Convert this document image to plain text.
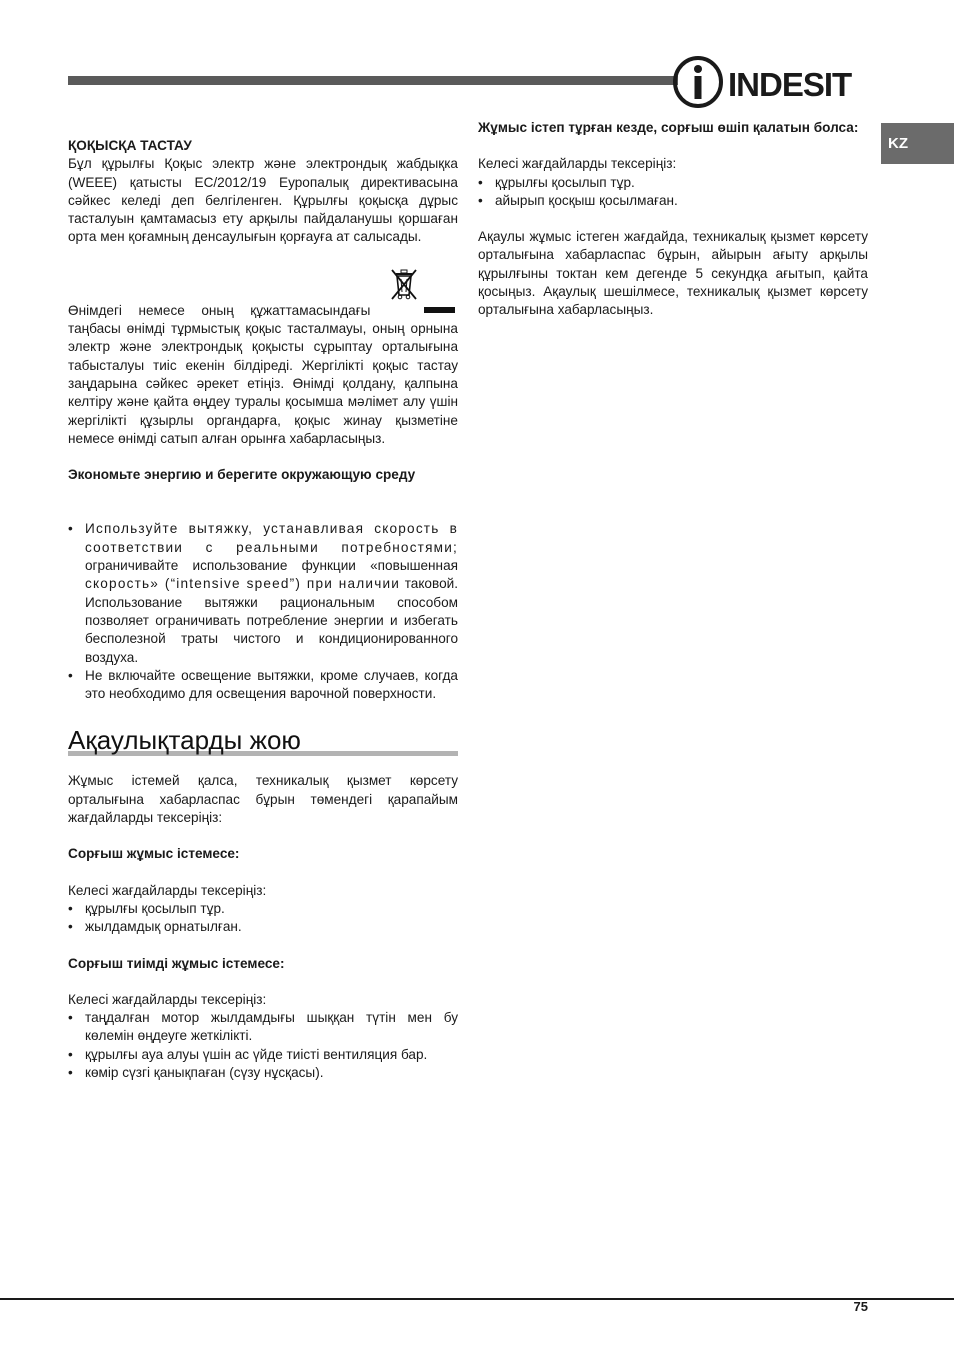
INDESIT
KZ

ҚОҚЫСҚА ТАСТАУ

Бұл құрылғы Қоқыс электр және электрондық жабдықка (WEEE) қатысты ЕС/2012/19 Еуропалық директивасына сәйкес келеді деп белгіленген. Құрылғы қоқысқа дұрыс тасталуын қамтамасыз ету арқылы пайдаланушы қоршаған орта мен қоғамның денсаулығын қорғауға ат салысады.

Өнімдегі немесе оның құжаттамасындағы
таңбасы өнімді тұрмыстық қоқыс тасталмауы, оның орнына электр және электрондық қоқысты сұрыптау орталығына табысталуы тиіс екенін білдіреді. Жергілікті қоқыс тастау заңдарына сәйкес әрекет етіңіз. Өнімді қолдану, қалпына келтіру және қайта өңдеу туралы қосымша мәлімет алу үшін жергілікті құзырлы органдарға, қоқыс жинау қызметіне немесе өнімді сатып алған орынға хабарласыңыз.

Экономьте энергию и берегите окружающую среду

• Используйте вытяжку, устанавливая скорость в соответствии с реальными потребностями; ограничивайте использование функции «повышенная скорость» (“intensive speed”) при наличии таковой. Использование вытяжки рациональным способом позволяет ограничивать потребление энергии и избегать бесполезной траты чистого и кондиционированного воздуха.
• Не включайте освещение вытяжки, кроме случаев, когда это необходимо для освещения варочной поверхности.
Ақаулықтарды жою

Жұмыс істемей қалса, техникалық қызмет көрсету орталығына хабарласпас бұрын төмендегі қарапайым жағдайларды тексеріңіз:

Сорғыш жұмыс істемесе:

Келесі жағдайларды тексеріңіз:

• құрылғы қосылып тұр.
• жылдамдық орнатылған.

Сорғыш тиімді жұмыс істемесе:

Келесі жағдайларды тексеріңіз:

• таңдалған мотор жылдамдығы шыққан түтін мен бу көлемін өңдеуге жеткілікті.
• құрылғы ауа алуы үшін ас үйде тиісті вентиляция бар.
• көмір сүзгі қанықпаған (сүзу нұсқасы).

Жұмыс істеп тұрған кезде, сорғыш өшіп қалатын болса:

Келесі жағдайларды тексеріңіз:

• құрылғы қосылып тұр.
• айырып қосқыш қосылмаған.

Ақаулы жұмыс істеген жағдайда, техникалық қызмет көрсету орталығына хабарласпас бұрын, айырын ағыту арқылы құрылғыны токтан кем дегенде 5 секундқа ағытып, қайта қосыңыз. Ақаулық шешілмесе, техникалық қызмет көрсету орталығына хабарласыңыз.

75
